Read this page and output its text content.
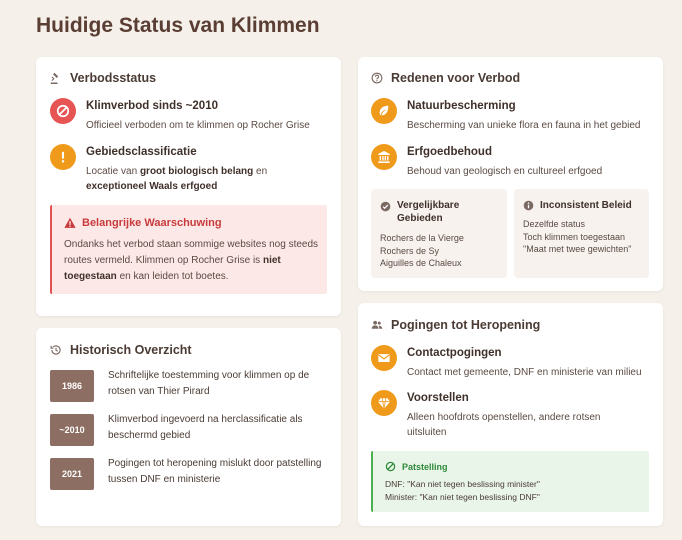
Huidige Status van Klimmen
Verbodsstatus
Klimverbod sinds ~2010
Officieel verboden om te klimmen op Rocher Grise
Gebiedsclassificatie
Locatie van groot biologisch belang en exceptioneel Waals erfgoed
Belangrijke Waarschuwing
Ondanks het verbod staan sommige websites nog steeds routes vermeld. Klimmen op Rocher Grise is niet toegestaan en kan leiden tot boetes.
Redenen voor Verbod
Natuurbescherming
Bescherming van unieke flora en fauna in het gebied
Erfgoedbehoud
Behoud van geologisch en cultureel erfgoed
Vergelijkbare
Gebieden
Rochers de la Vierge
Rochers de Sy
Aiguilles de Chaleux
Inconsistent Beleid
Dezelfde status
Toch klimmen toegestaan
"Maat met twee gewichten"
Historisch Overzicht
1986
Schriftelijke toestemming voor klimmen op de rotsen van Thier Pirard
~2010
Klimverbod ingevoerd na herclassificatie als beschermd gebied
2021
Pogingen tot heropening mislukt door patstelling tussen DNF en ministerie
Pogingen tot Heropening
Contactpogingen
Contact met gemeente, DNF en ministerie van milieu
Voorstellen
Alleen hoofdrots openstellen, andere rotsen uitsluiten
Patstelling
DNF: "Kan niet tegen beslissing minister"
Minister: "Kan niet tegen beslissing DNF"
